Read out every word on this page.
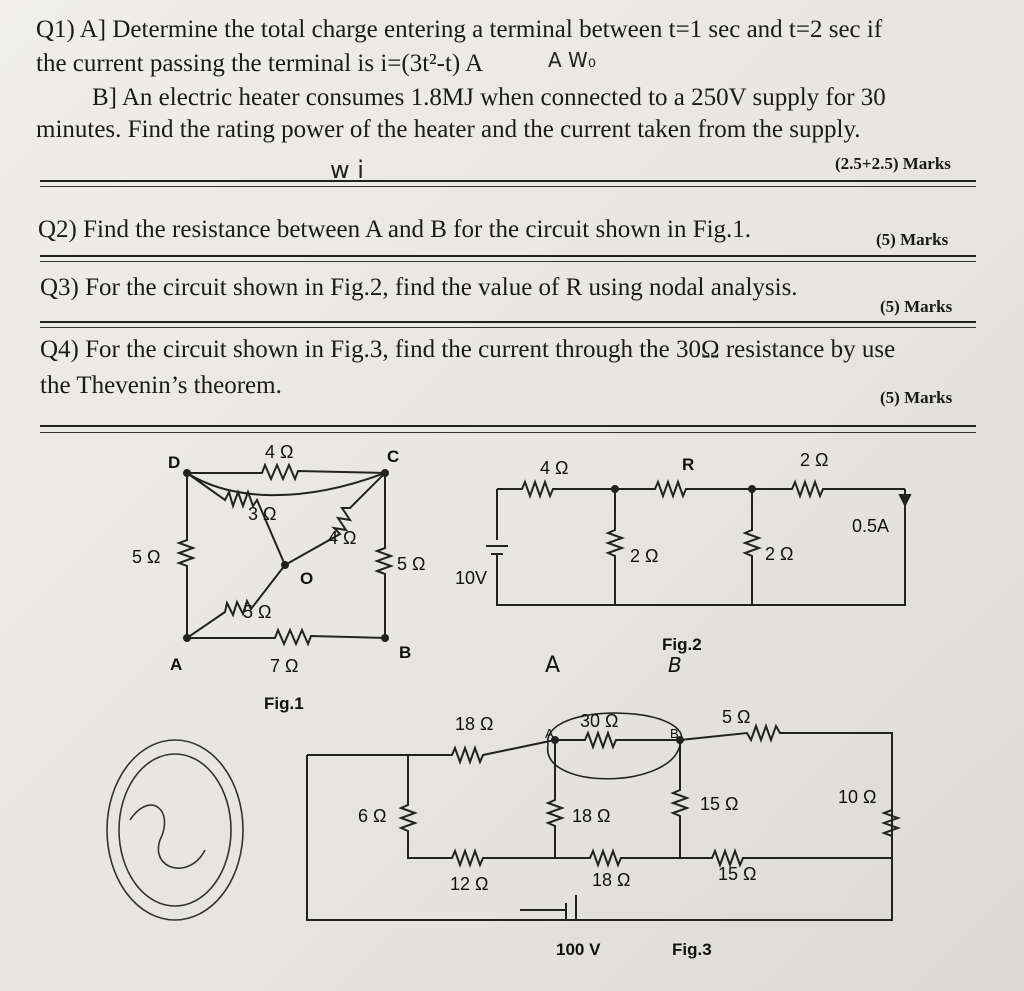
Q1) A] Determine the total charge entering a terminal between t=1 sec and t=2 sec if
the current passing the terminal is i=(3t²-t) A	A W₀
B] An electric heater consumes 1.8MJ when connected to a 250V supply for 30
minutes. Find the rating power of the heater and the current taken from the supply.
w i	(2.5+2.5) Marks
Q2) Find the resistance between A and B for the circuit shown in Fig.1.	(5) Marks
Q3) For the circuit shown in Fig.2, find the value of R using nodal analysis.
(5) Marks
Q4) For the circuit shown in Fig.3, find the current through the 30Ω resistance by use
the Thevenin’s theorem.	(5) Marks
4 Ω
D	C
3 Ω
4 Ω
5 Ω	5 Ω
O
5 Ω
A
B
7 Ω
Fig.1
4 Ω	R	2 Ω
0.5A
2 Ω	2 Ω
10V
Fig.2
A	B
18 Ω	A
30 Ω
B
5 Ω
6 Ω	18 Ω
15 Ω	10 Ω
12 Ω	18 Ω	15 Ω
100 V	Fig.3
